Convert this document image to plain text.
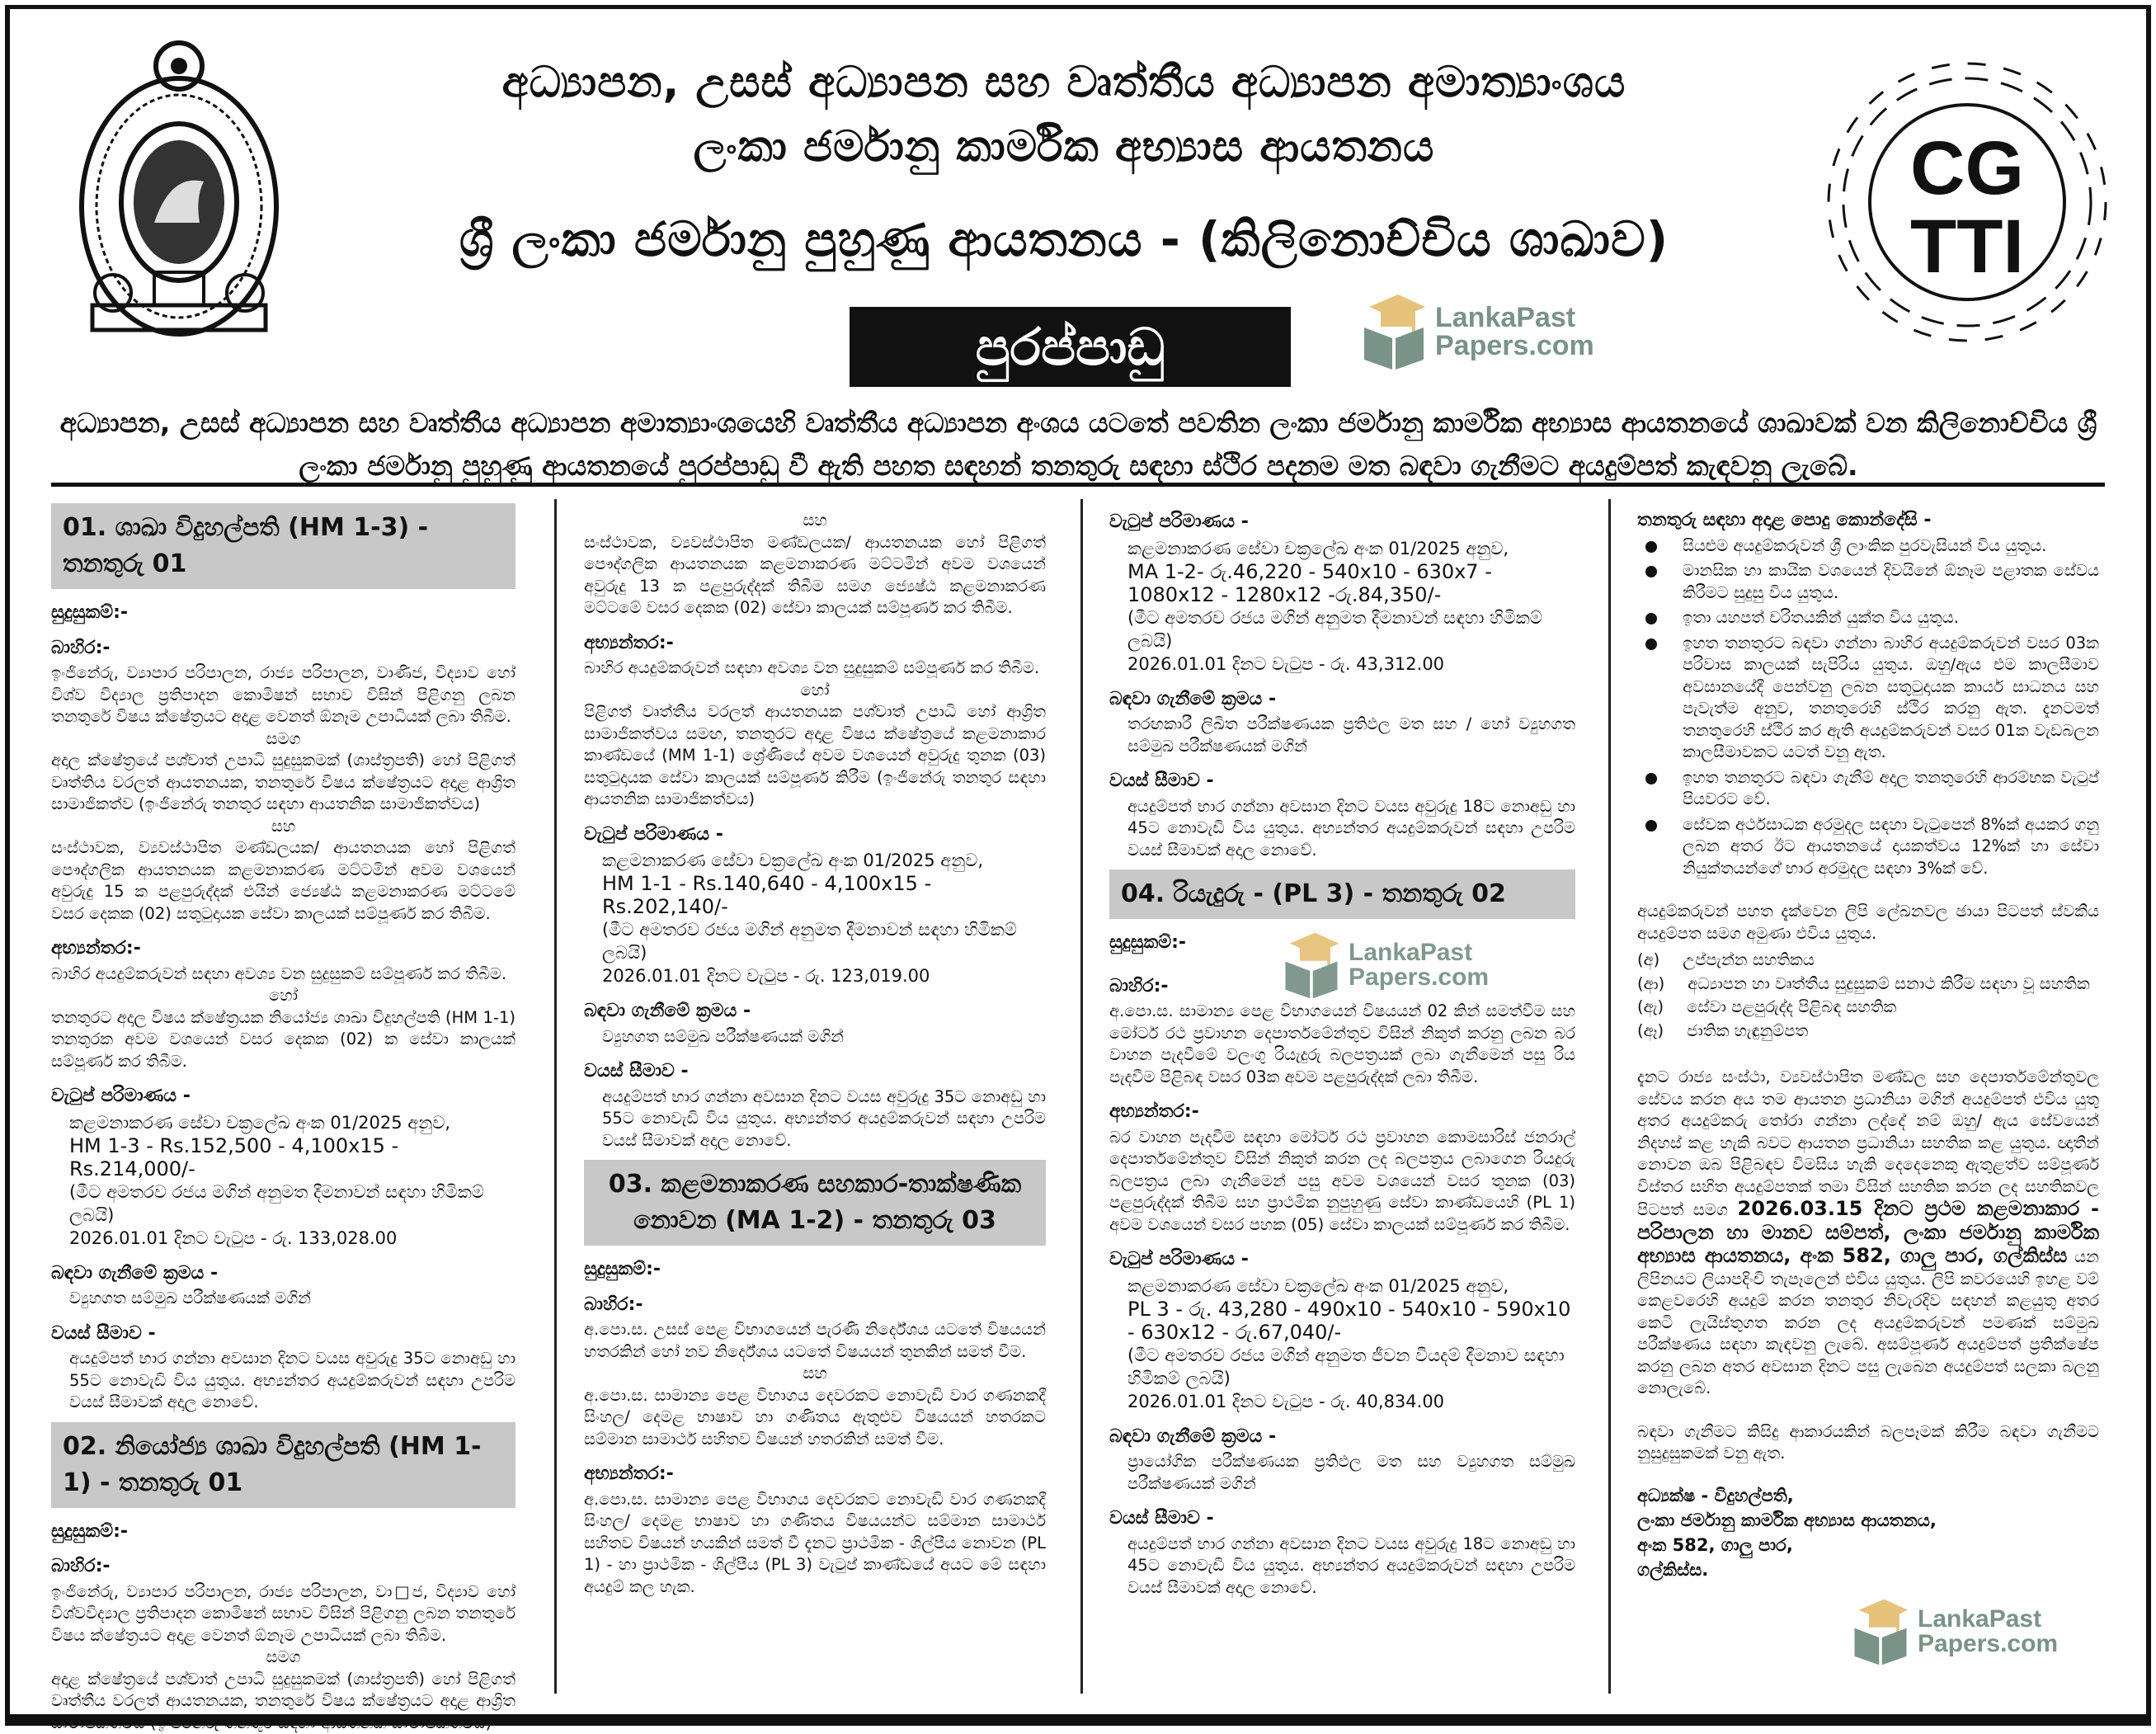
CG
TTI
අධ්‍යාපන, උසස් අධ්‍යාපන සහ වෘත්තීය අධ්‍යාපන අමාත්‍යාංශය
ලංකා ජර්මානු කාර්මික අභ්‍යාස ආයතනය
ශ්‍රී ලංකා ජර්මානු පුහුණු ආයතනය - (කිලිනොච්චිය ශාඛාව)
පුරප්පාඩු	LankaPast
Papers.com
අධ්‍යාපන, උසස් අධ්‍යාපන සහ වෘත්තීය අධ්‍යාපන අමාත්‍යාංශයෙහි වෘත්තීය අධ්‍යාපන අංශය යටතේ පවතින ලංකා ජර්මානු කාර්මික අභ්‍යාස ආයතනයේ ශාඛාවක් වන කිලිනොච්චිය ශ්‍රී ලංකා ජර්මානු පුහුණු ආයතනයේ පුරප්පාඩු වී ඇති පහත සඳහන් තනතුරු සඳහා ස්ථිර පදනම මත බඳවා ගැනීමට අයදුම්පත් කැඳවනු ලැබේ.
01. ශාඛා විදුහල්පති (HM 1-3) - තනතුරු 01
සුදුසුකම්:-
බාහිර:-

ඉංජිනේරු, ව්‍යාපාර පරිපාලන, රාජ්‍ය පරිපාලන, වාණිජ, විද්‍යාව හෝ විශ්ව විද්‍යාල ප්‍රතිපාදන කොමිෂන් සභාව විසින් පිළිගනු ලබන තනතුරේ විෂය ක්ෂේත්‍රයට අදාළ වෙනත් ඕනෑම උපාධියක් ලබා තිබීම.

සමග

අදාල ක්ෂේත්‍රයේ පශ්චාත් උපාධි සුදුසුකමක් (ශාස්ත්‍රපති) හෝ පිළිගත් වෘත්තිය වරලත් ආයතනයක, තනතුරේ විෂය ක්ෂේත්‍රයට අදාළ ආශ්‍රිත සාමාජිකත්ව (ඉංජිනේරු තනතුර සඳහා ආයතනික සාමාජිකත්වය)

සහ

සංස්ථාවක, ව්‍යවස්ථාපිත මණ්ඩලයක/ ආයතනයක හෝ පිළිගත් පෞද්ගලික ආයතනයක කළමනාකරණ මට්ටමින් අවම වශයෙන් අවුරුදු 15 ක පළපුරුද්දක් එයින් ජ්‍යෙෂ්ඨ කළමනාකරණ මට්ටමේ වසර දෙකක (02) සතුටුදායක සේවා කාලයක් සම්පූර්ණ කර තිබීම.

අභ්‍යන්තර:-

බාහිර අයදුම්කරුවන් සඳහා අවශ්‍ය වන සුදුසුකම් සම්පූර්ණ කර තිබීම.

හෝ

තනතුරට අදාල විෂය ක්ෂේත්‍රයක නියෝජ්‍ය ශාඛා විදුහල්පති (HM 1-1) තනතුරක අවම වශයෙන් වසර දෙකක (02) ක සේවා කාලයක් සම්පූර්ණ කර තිබීම.

වැටුප් පරිමාණය -
කළමනාකරණ සේවා චක්‍රලේඛ අංක 01/2025 අනුව,
HM 1-3 - Rs.152,500 - 4,100x15 - Rs.214,000/-
(මීට අමතරව රජය මගින් අනුමත දීමනාවන් සඳහා හිමිකම් ලබයි)
2026.01.01 දිනට වැටුප - රු. 133,028.00
බඳවා ගැනීමේ ක්‍රමය -

ව්‍යුහගත සම්මුඛ පරීක්ෂණයක් මගින්

වයස් සීමාව -

අයදුම්පත් භාර ගන්නා අවසාන දිනට වයස අවුරුදු 35ට නොඅඩු හා 55ට නොවැඩි විය යුතුය. අභ්‍යන්තර අයදුම්කරුවන් සඳහා උපරිම වයස් සීමාවක් අදාල නොවේ.

02. නියෝජ්‍ය ශාඛා විදුහල්පති (HM 1-1) - තනතුරු 01
සුදුසුකම්:-
බාහිර:-

ඉංජිනේරු, ව්‍යාපාර පරිපාලන, රාජ්‍ය පරිපාලන, වා□ජ, විද්‍යාව හෝ විශ්වවිද්‍යාල ප්‍රතිපාදන කොමිෂන් සභාව විසින් පිළිගනු ලබන තනතුරේ විෂය ක්ෂේත්‍රයට අදාළ වෙනත් ඕනෑම උපාධියක් ලබා තිබීම.

සමග

අදාළ ක්ෂේත්‍රයේ පශ්චාත් උපාධි සුදුසුකමක් (ශාස්ත්‍රපති) හෝ පිළිගත් වෘත්තීය වරලත් ආයතනයක, තනතුරේ විෂය ක්ෂේත්‍රයට අදාළ ආශ්‍රිත සාමාජිකත්වය (ඉංජිනේරු තනතුර සඳහා ආයතනික සාමාජිකත්වය)

සහ

සංස්ථාවක, ව්‍යවස්ථාපිත මණ්ඩලයක/ ආයතනයක හෝ පිළිගත් පෞද්ගලික ආයතනයක කළමනාකරණ මට්ටමින් අවම වශයෙන් අවුරුදු 13 ක පළපුරුද්දක් තිබීම සමග ජ්‍යෙෂ්ඨ කළමනාකරණ මට්ටමේ වසර දෙකක (02) සේවා කාලයක් සම්පූර්ණ කර තිබීම.

අභ්‍යන්තර:-

බාහිර අයදුම්කරුවන් සඳහා අවශ්‍ය වන සුදුසුකම් සම්පූර්ණ කර තිබීම.

හෝ

පිළිගත් වෘත්තීය වරලත් ආයතනයක පශ්චාත් උපාධි හෝ ආශ්‍රිත සාමාජිකත්වය සමඟ, තනතුරට අදාළ විෂය ක්ෂේත්‍රයේ කළමනාකාර කාණ්ඩයේ (MM 1-1) ශ්‍රේණියේ අවම වශයෙන් අවුරුදු තුනක (03) සතුටුදායක සේවා කාලයක් සම්පූර්ණ කිරීම (ඉංජිනේරු තනතුර සඳහා ආයතනික සාමාජිකත්වය)

වැටුප් පරිමාණය -
කළමනාකරණ සේවා චක්‍රලේඛ අංක 01/2025 අනුව,
HM 1-1 - Rs.140,640 - 4,100x15 - Rs.202,140/-
(මීට අමතරව රජය මගින් අනුමත දීමනාවන් සඳහා හිමිකම් ලබයි)
2026.01.01 දිනට වැටුප - රු. 123,019.00
බඳවා ගැනීමේ ක්‍රමය -

ව්‍යුහගත සම්මුඛ පරීක්ෂණයක් මගින්

වයස් සීමාව -

අයදුම්පත් භාර ගන්නා අවසාන දිනට වයස අවුරුදු 35ට නොඅඩු හා 55ට නොවැඩි විය යුතුය. අභ්‍යන්තර අයදුම්කරුවන් සඳහා උපරිම වයස් සීමාවක් අදාල නොවේ.

03. කළමනාකරණ සහකාර-තාක්ෂණික නොවන (MA 1-2) - තනතුරු 03
සුදුසුකම්:-
බාහිර:-

අ.පො.ස. උසස් පෙළ විභාගයෙන් පැරණි නිර්දේශය යටතේ විෂයයන් හතරකින් හෝ නව නිර්දේශය යටතේ විෂයයන් තුනකින් සමත් වීම.

සහ

අ.පො.ස. සාමාන්‍ය පෙළ විභාගය දෙවරකට නොවැඩි වාර ගණනකදී සිංහල/ දෙමළ භාෂාව හා ගණිතය ඇතුළුව විෂයයන් හතරකට සම්මාන සාමාර්ථ සහිතව විෂයන් හතරකින් සමත් වීම.

අභ්‍යන්තර:-

අ.පො.ස. සාමාන්‍ය පෙළ විභාගය දෙවරකට නොවැඩි වාර ගණනකදී සිංහල/ දෙමළ භාෂාව හා ගණිතය විෂයයන්ට සම්මාන සාමාර්ථ සහිතව විෂයන් හයකින් සමත් වී දැනට ප්‍රාථමික - ශිල්පීය නොවන (PL 1) - හා ප්‍රාථමික - ශිල්පීය (PL 3) වැටුප් කාණ්ඩයේ අයට මේ සඳහා අයදුම් කල හැක.

වැටුප් පරිමාණය -
කළමනාකරණ සේවා චක්‍රලේඛ අංක 01/2025 අනුව,
MA 1-2- රු.46,220 - 540x10 - 630x7 - 1080x12 - 1280x12 -රු.84,350/-
(මීට අමතරව රජය මගින් අනුමත දීමනාවන් සඳහා හිමිකම් ලබයි)
2026.01.01 දිනට වැටුප - රු. 43,312.00
බඳවා ගැනීමේ ක්‍රමය -

තරඟකාරී ලිඛිත පරීක්ෂණයක ප්‍රතිඵල මත සහ / හෝ ව්‍යුහගත සම්මුඛ පරීක්ෂණයක් මගින්

වයස් සීමාව -

අයදුම්පත් භාර ගන්නා අවසාන දිනට වයස අවුරුදු 18ට නොඅඩු හා 45ට නොවැඩි විය යුතුය. අභ්‍යන්තර අයදුම්කරුවන් සඳහා උපරිම වයස් සීමාවක් අදාල නොවේ.

04. රියැදුරු - (PL 3) - තනතුරු 02
සුදුසුකම්:-
බාහිර:-

අ.පො.ස. සාමාන්‍ය පෙළ විභාගයෙන් විෂයයන් 02 කින් සමත්වීම සහ මෝටර් රථ ප්‍රවාහන දෙපාර්තමේන්තුව විසින් නිකුත් කරනු ලබන බර වාහන පැදවීමේ වලංගු රියැදුරු බලපත්‍රයක් ලබා ගැනීමෙන් පසු රිය පැදවීම පිළිබඳ වසර 03ක අවම පළපුරුද්දක් ලබා තිබීම.

අභ්‍යන්තර:-

බර වාහන පැදවීම සඳහා මෝටර් රථ ප්‍රවාහන කොමසාරිස් ජනරාල් දෙපාර්තමේන්තුව විසින් නිකුත් කරන ලද බලපත්‍රය ලබාගෙන රියදුරු බලපත්‍රය ලබා ගැනීමෙන් පසු අවම වශයෙන් වසර තුනක (03) පළපුරුද්දක් තිබීම සහ ප්‍රාථමික නුපුහුණු සේවා කාණ්ඩයෙහි (PL 1) අවම වශයෙන් වසර පහක (05) සේවා කාලයක් සම්පූර්ණ කර තිබීම.

වැටුප් පරිමාණය -
කළමනාකරණ සේවා චක්‍රලේඛ අංක 01/2025 අනුව,
PL 3 - රු. 43,280 - 490x10 - 540x10 - 590x10 - 630x12 - රු.67,040/-
(මීට අමතරව රජය මගින් අනුමත ජීවන වියදම් දීමනාව සඳහා හිමිකම් ලබයි)
2026.01.01 දිනට වැටුප - රු. 40,834.00
බඳවා ගැනීමේ ක්‍රමය -

ප්‍රායෝගික පරීක්ෂණයක ප්‍රතිඵල මත සහ ව්‍යුහගත සම්මුඛ පරීක්ෂණයක් මගින්

වයස් සීමාව -

අයදුම්පත් භාර ගන්නා අවසාන දිනට වයස අවුරුදු 18ට නොඅඩු හා 45ට නොවැඩි විය යුතුය. අභ්‍යන්තර අයදුම්කරුවන් සඳහා උපරිම වයස් සීමාවක් අදාල නොවේ.

LankaPast
Papers.com
තනතුරු සඳහා අදාළ පොදු කොන්දේසි -
සියළුම අයදුම්කරුවන් ශ්‍රී ලාංකික පුරවැසියන් විය යුතුය.
මානසික හා කායික වශයෙන් දිවයිනේ ඕනෑම පළාතක සේවය කිරීමට සුදුසු විය යුතුය.
ඉතා යහපත් චරිතයකින් යුක්ත විය යුතුය.
ඉහත තනතුරට බඳවා ගන්නා බාහිර අයදුම්කරුවන් වසර 03ක පරිවාස කාලයක් සැපිරිය යුතුය. ඔහු/ඇය එම කාලසීමාව අවසානයේදී පෙන්වනු ලබන සතුටුදායක කාර්ය සාධනය සහ පැවැත්ම අනුව, තනතුරෙහි ස්ථිර කරනු ඇත. දැනටමත් තනතුරෙහි ස්ථිර කර ඇති අයදුම්කරුවන් වසර 01ක වැඩබලන කාලසීමාවකට යටත් වනු ඇත.
ඉහත තනතුරට බඳවා ගැනීම් අදාල තනතුරෙහි ආරම්භක වැටුප් පියවරට වේ.
සේවක අර්ථසාධක අරමුදල සඳහා වැටුපෙන් 8%ක් අයකර ගනු ලබන අතර ඊට ආයතනයේ දායකත්වය 12%ක් හා සේවා නියුක්තයන්ගේ භාර අරමුදල සඳහා 3%ක් වේ.

අයදුම්කරුවන් පහත දැක්වෙන ලිපි ලේඛනවල ඡායා පිටපත් ස්වකීය අයදුම්පත සමග අමුණා එවිය යුතුය.

(අ) උප්පැන්න සහතිකය
(ආ) අධ්‍යාපන හා වෘත්තීය සුදුසුකම් සනාථ කිරීම සඳහා වූ සහතික
(ඇ) සේවා පළපුරුද්ද පිළිබඳ සහතික
(ඈ) ජාතික හැඳුනුම්පත

දැනට රාජ්‍ය සංස්ථා, ව්‍යවස්ථාපිත මණ්ඩල සහ දෙපාර්තමේන්තුවල සේවය කරන අය තම ආයතන ප්‍රධානියා මගින් අයදුම්පත් එවිය යුතු අතර අයදුම්කරු තෝරා ගන්නා ලද්දේ නම් ඔහු/ ඇය සේවයෙන් නිදහස් කළ හැකි බවට ආයතන ප්‍රධානියා සහතික කළ යුතුය. ඥාතීන් නොවන ඔබ පිළිබඳව විමසිය හැකි දෙදෙනෙකු ඇතුළත්ව සම්පූර්ණ විස්තර සහිත අයදුම්පතක් තමා විසින් සහතික කරන ලද සහතිකවල පිටපත් සමග 2026.03.15 දිනට ප්‍රථම කළමනාකාර - පරිපාලන හා මානව සම්පත්, ලංකා ජර්මානු කාර්මික අභ්‍යාස ආයතනය, අංක 582, ගාලු පාර, ගල්කිස්ස යන ලිපිනයට ලියාපදිංචි තැපෑලෙන් එවිය යුතුය. ලිපි කවරයෙහි ඉහළ වම් කෙළවරෙහි අයදුම් කරන තනතුර නිවැරදිව සඳහන් කළයුතු අතර කෙටි ලැයිස්තුගත කරන ලද අයදුම්කරුවන් පමණක් සම්මුඛ පරීක්ෂණය සඳහා කැඳවනු ලැබේ. අසම්පූර්ණ අයදුම්පත් ප්‍රතික්ෂේප කරනු ලබන අතර අවසාන දිනට පසු ලැබෙන අයදුම්පත් සලකා බලනු නොලැබේ.

බඳවා ගැනීමට කිසිදු ආකාරයකින් බලපෑමක් කිරීම බඳවා ගැනීමට නුසුදුසුකමක් වනු ඇත.

අධ්‍යක්ෂ - විදුහල්පති,
ලංකා ජර්මානු කාර්මික අභ්‍යාස ආයතනය,
අංක 582, ගාලු පාර,
ගල්කිස්ස.
LankaPast
Papers.com
